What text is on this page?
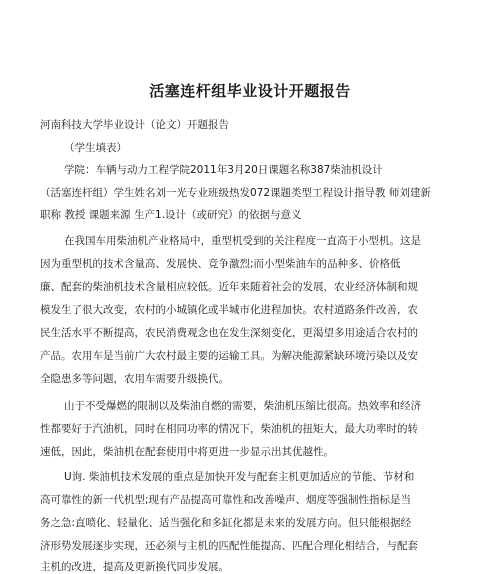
活塞连杆组毕业设计开题报告
河南科技大学毕业设计（论文）开题报告
（学生填表）
学院：车辆与动力工程学院2011年3月20日课题名称387柴油机设计
（活塞连杆组）学生姓名刘一光专业班级热发072课题类型工程设计指导教 师刘建新
职称 教授 课题来源 生产1.设计（或研究）的依据与意义
在我国车用柴油机产业格局中，重型机受到的关注程度一直高于小型机。这是
因为重型机的技术含量高、发展快、竞争激烈;而小型柴油车的品种多、价格低
廉、配套的柴油机技术含量相应较低。近年来随着社会的发展，农业经济体制和规
模发生了很大改变，农村的小城镇化或半城市化进程加快。农村道路条件改善，农
民生活水平不断提高，农民消费观念也在发生深刻变化，更渴望多用途适合农村的
产品。农用车是当前广大农村最主要的运输工具。为解决能源紧缺环境污染以及安
全隐患多等问题，农用车需要升级换代。
山于不受爆燃的限制以及柴油自燃的需要，柴油机压缩比很高。热效率和经济
性都要好于汽油机，同时在相同功率的情况下，柴油机的扭矩大，最大功率时的转
速低，因此，柴油机在配套使用中将更进一步显示出其优越性。
U询. 柴油机技术发展的重点是加快开发与配套主机更加适应的节能、节材和
高可靠性的新一代机型;现有产品提高可靠性和改善噪声、烟度等强制性指标是当
务之急:直喷化、轻量化、适当强化和多缸化都是未来的发展方向。但只能根据经
济形势发展逐步实现，还必须与主机的匹配性能提高、匹配合理化相结合，与配套
主机的改进，提高及更新换代同步发展。
